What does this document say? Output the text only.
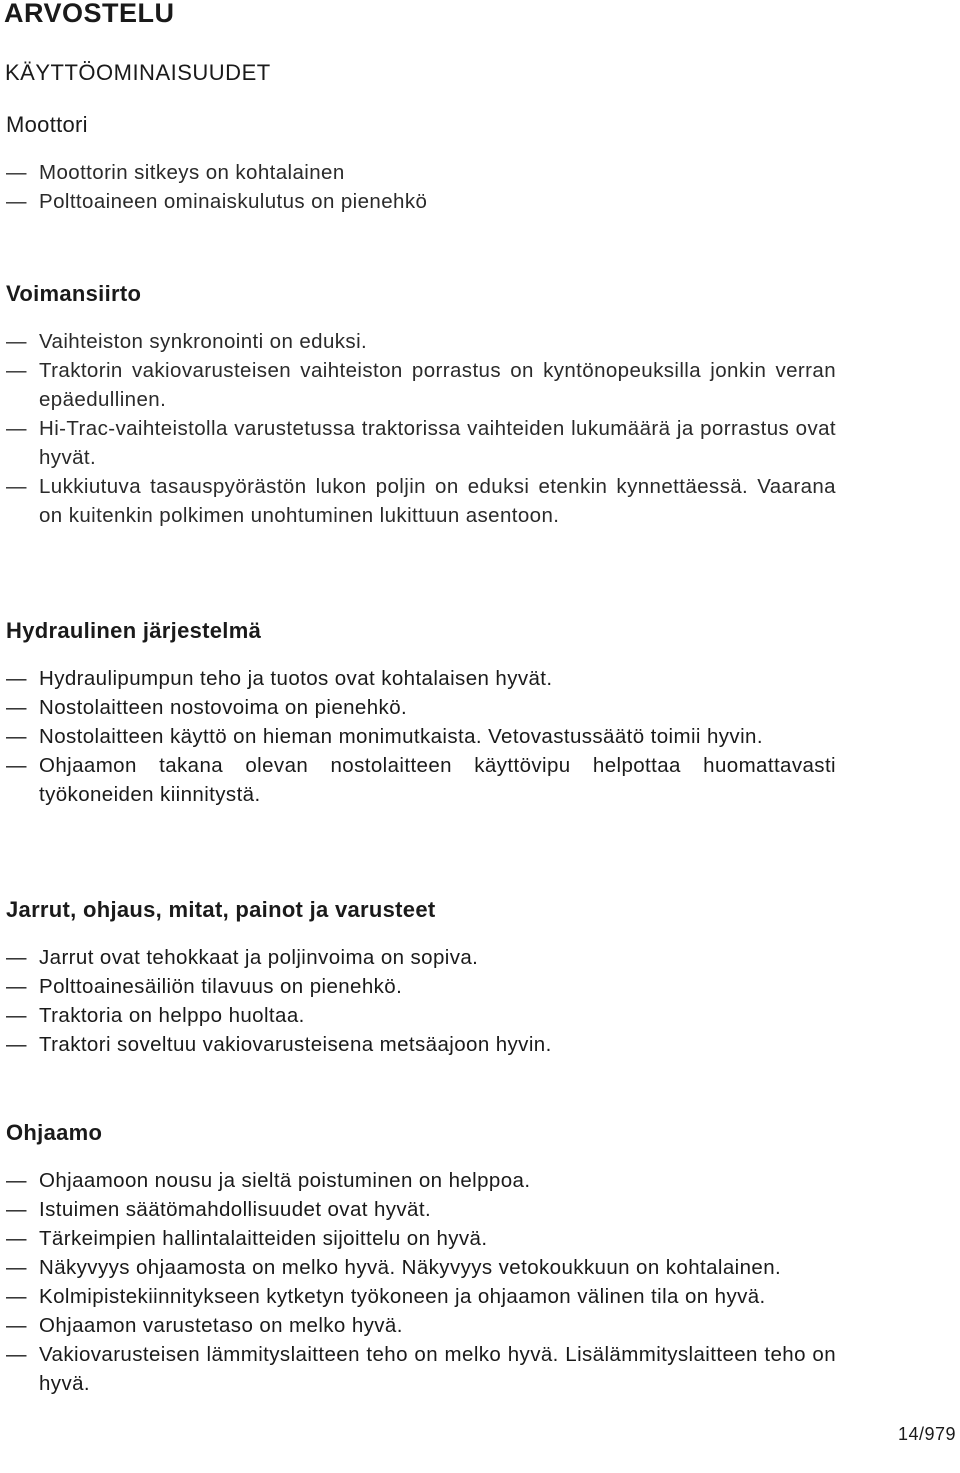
ARVOSTELU
KÄYTTÖOMINAISUUDET
Moottori
— Moottorin sitkeys on kohtalainen
— Polttoaineen ominaiskulutus on pienehkö
Voimansiirto
— Vaihteiston synkronointi on eduksi.
— Traktorin vakiovarusteisen vaihteiston porrastus on kyntönopeuksilla jonkin verran epäedullinen.
— Hi-Trac-vaihteistolla varustetussa traktorissa vaihteiden lukumäärä ja porrastus ovat hyvät.
— Lukkiutuva tasauspyörästön lukon poljin on eduksi etenkin kynnettäessä. Vaarana on kuitenkin polkimen unohtuminen lukittuun asentoon.
Hydraulinen järjestelmä
— Hydraulipumpun teho ja tuotos ovat kohtalaisen hyvät.
— Nostolaitteen nostovoima on pienehkö.
— Nostolaitteen käyttö on hieman monimutkaista. Vetovastussäätö toimii hyvin.
— Ohjaamon takana olevan nostolaitteen käyttövipu helpottaa huomattavasti työkoneiden kiinnitystä.
Jarrut, ohjaus, mitat, painot ja varusteet
— Jarrut ovat tehokkaat ja poljinvoima on sopiva.
— Polttoainesäiliön tilavuus on pienehkö.
— Traktoria on helppo huoltaa.
— Traktori soveltuu vakiovarusteisena metsäajoon hyvin.
Ohjaamo
— Ohjaamoon nousu ja sieltä poistuminen on helppoa.
— Istuimen säätömahdollisuudet ovat hyvät.
— Tärkeimpien hallintalaitteiden sijoittelu on hyvä.
— Näkyvyys ohjaamosta on melko hyvä. Näkyvyys vetokoukkuun on kohtalainen.
— Kolmipistekiinnitykseen kytketyn työkoneen ja ohjaamon välinen tila on hyvä.
— Ohjaamon varustetaso on melko hyvä.
— Vakiovarusteisen lämmityslaitteen teho on melko hyvä. Lisälämmityslaitteen teho on hyvä.
14/979
